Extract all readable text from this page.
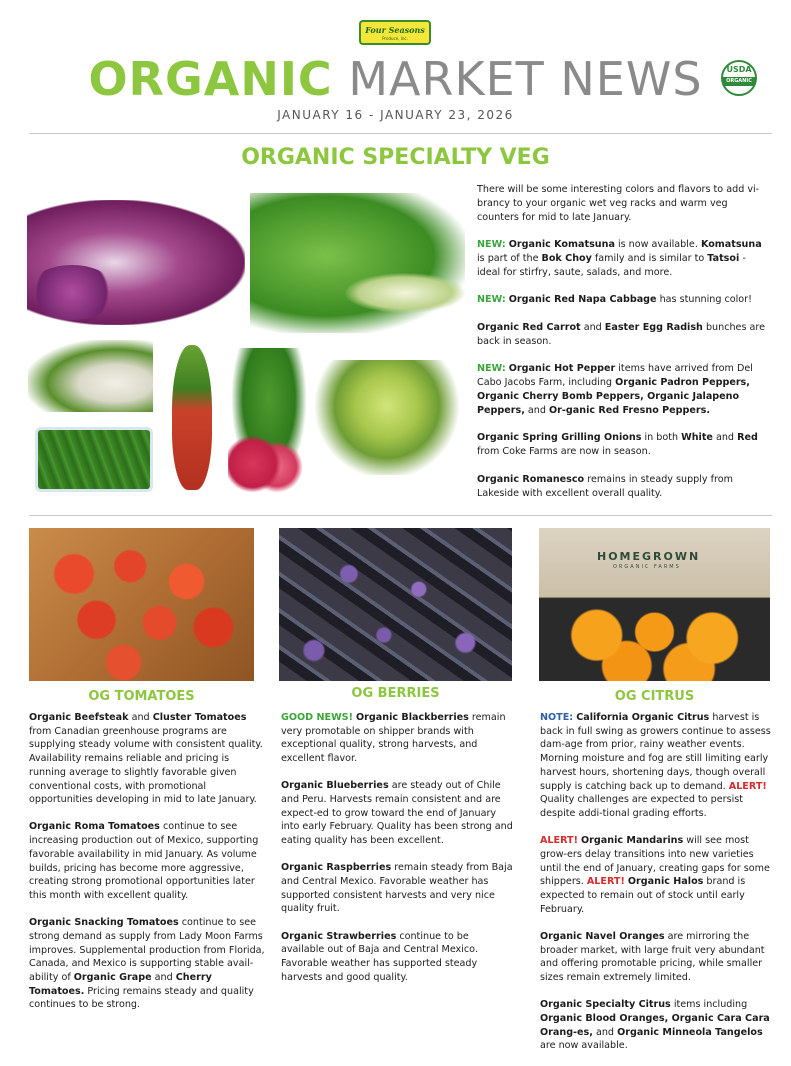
Four Seasons
Produce, Inc.
ORGANIC MARKET NEWS	USDA
ORGANIC
JANUARY 16 - JANUARY 23, 2026
ORGANIC SPECIALTY VEG

There will be some interesting colors and flavors to add vi-brancy to your organic wet veg racks and warm veg counters for mid to late January.

NEW: Organic Komatsuna is now available. Komatsuna is part of the Bok Choy family and is similar to Tatsoi - ideal for stirfry, saute, salads, and more.

NEW: Organic Red Napa Cabbage has stunning color!

Organic Red Carrot and Easter Egg Radish bunches are back in season.

NEW: Organic Hot Pepper items have arrived from Del Cabo Jacobs Farm, including Organic Padron Peppers, Organic Cherry Bomb Peppers, Organic Jalapeno Peppers, and Or-ganic Red Fresno Peppers.

Organic Spring Grilling Onions in both White and Red from Coke Farms are now in season.

Organic Romanesco remains in steady supply from Lakeside with excellent overall quality.

HOMEGROWN
ORGANIC FARMS
OG TOMATOES	OG BERRIES	OG CITRUS

Organic Beefsteak and Cluster Tomatoes from Canadian greenhouse programs are supplying steady volume with consistent quality. Availability remains reliable and pricing is running average to slightly favorable given conventional costs, with promotional opportunities developing in mid to late January.

Organic Roma Tomatoes continue to see increasing production out of Mexico, supporting favorable availability in mid January. As volume builds, pricing has become more aggressive, creating strong promotional opportunities later this month with excellent quality.

Organic Snacking Tomatoes continue to see strong demand as supply from Lady Moon Farms improves. Supplemental production from Florida, Canada, and Mexico is supporting stable avail-ability of Organic Grape and Cherry Tomatoes. Pricing remains steady and quality continues to be strong.

GOOD NEWS! Organic Blackberries remain very promotable on shipper brands with exceptional quality, strong harvests, and excellent flavor.

Organic Blueberries are steady out of Chile and Peru. Harvests remain consistent and are expect-ed to grow toward the end of January into early February. Quality has been strong and eating quality has been excellent.

Organic Raspberries remain steady from Baja and Central Mexico. Favorable weather has supported consistent harvests and very nice quality fruit.

Organic Strawberries continue to be available out of Baja and Central Mexico. Favorable weather has supported steady harvests and good quality.

NOTE: California Organic Citrus harvest is back in full swing as growers continue to assess dam-age from prior, rainy weather events. Morning moisture and fog are still limiting early harvest hours, shortening days, though overall supply is catching back up to demand. ALERT! Quality challenges are expected to persist despite addi-tional grading efforts.

ALERT! Organic Mandarins will see most grow-ers delay transitions into new varieties until the end of January, creating gaps for some shippers. ALERT! Organic Halos brand is expected to remain out of stock until early February.

Organic Navel Oranges are mirroring the broader market, with large fruit very abundant and offering promotable pricing, while smaller sizes remain extremely limited.

Organic Specialty Citrus items including Organic Blood Oranges, Organic Cara Cara Orang-es, and Organic Minneola Tangelos are now available.
